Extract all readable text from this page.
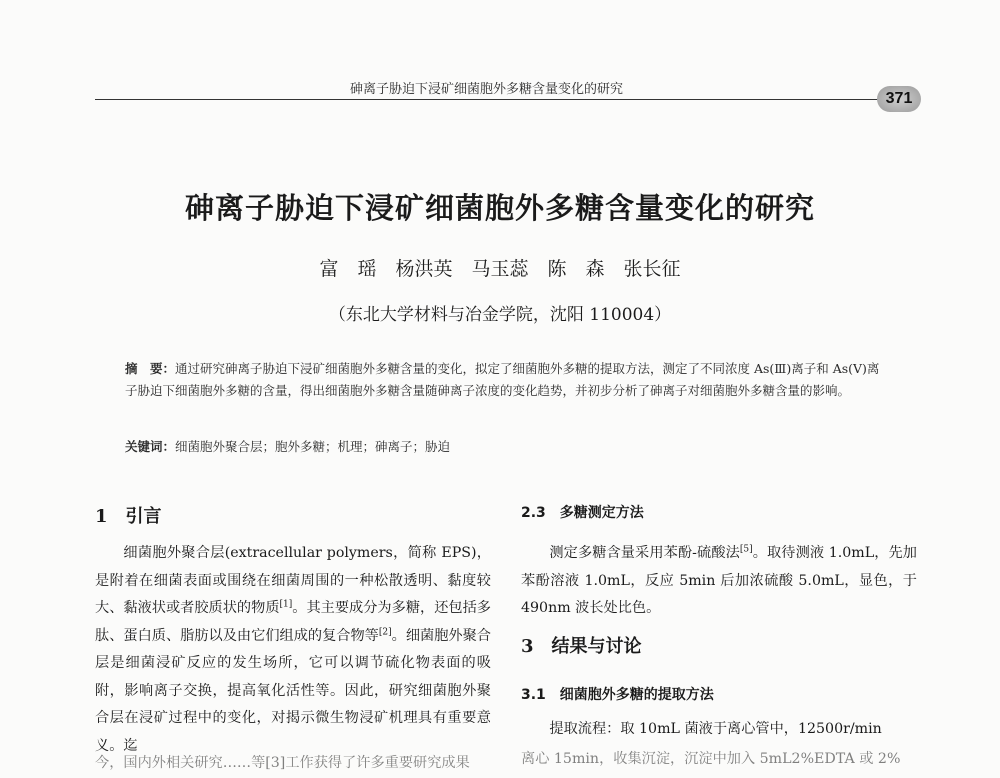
砷离子胁迫下浸矿细菌胞外多糖含量变化的研究
371
砷离子胁迫下浸矿细菌胞外多糖含量变化的研究
富　瑶　杨洪英　马玉蕊　陈　森　张长征
（东北大学材料与冶金学院，沈阳 110004）
摘　要：通过研究砷离子胁迫下浸矿细菌胞外多糖含量的变化，拟定了细菌胞外多糖的提取方法，测定了不同浓度 As(Ⅲ)离子和 As(Ⅴ)离子胁迫下细菌胞外多糖的含量，得出细菌胞外多糖含量随砷离子浓度的变化趋势，并初步分析了砷离子对细菌胞外多糖含量的影响。
关键词：细菌胞外聚合层；胞外多糖；机理；砷离子；胁迫
1　引言
细菌胞外聚合层(extracellular polymers，简称 EPS)，是附着在细菌表面或围绕在细菌周围的一种松散透明、黏度较大、黏液状或者胶质状的物质[1]。其主要成分为多糖，还包括多肽、蛋白质、脂肪以及由它们组成的复合物等[2]。细菌胞外聚合层是细菌浸矿反应的发生场所，它可以调节硫化物表面的吸附，影响离子交换，提高氧化活性等。因此，研究细菌胞外聚合层在浸矿过程中的变化，对揭示微生物浸矿机理具有重要意义。迄
今，国内外相关研究……等[3]工作获得了许多重要研究成果
2.3　多糖测定方法
测定多糖含量采用苯酚-硫酸法[5]。取待测液 1.0mL，先加苯酚溶液 1.0mL，反应 5min 后加浓硫酸 5.0mL，显色，于 490nm 波长处比色。
3　结果与讨论
3.1　细菌胞外多糖的提取方法
提取流程：取 10mL 菌液于离心管中，12500r/min
离心 15min，收集沉淀，沉淀中加入 5mL2%EDTA 或 2%
